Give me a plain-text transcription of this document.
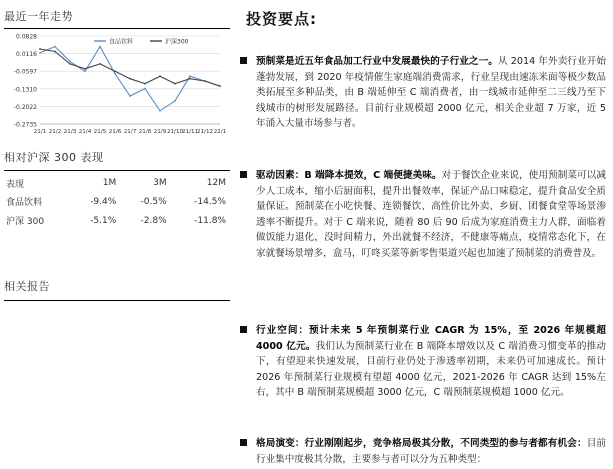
最近一年走势
0.0828
0.0116
-0.0597
-0.1310
-0.2022
-0.2735
21/1 21/2 21/3 21/4 21/5 21/6 21/7 21/8 21/9 21/10
21/11
21/12 22/1
食品饮料	沪深300
相对沪深 300 表现
表现	1M	3M	12M
食品饮料	-9.4%	-0.5%	-14.5%
沪深 300	-5.1%	-2.8%	-11.8%
相关报告
投资要点:
预制菜是近五年食品加工行业中发展最快的子行业之一。从 2014 年外卖行业开始蓬勃发展，到 2020 年疫情催生家庭端消费需求，行业呈现由速冻米面等极少数品类拓展至多种品类，由 B 端延伸至 C 端消费者，由一线城市延伸至二三线乃至下线城市的树形发展路径。目前行业规模超 2000 亿元，相关企业超 7 万家，近 5 年涌入大量市场参与者。
驱动因素：B 端降本提效，C 端便捷美味。对于餐饮企业来说，使用预制菜可以减少人工成本，缩小后厨面积，提升出餐效率，保证产品口味稳定，提升食品安全质量保证。预制菜在小吃快餐、连锁餐饮、高性价比外卖、乡厨、团餐食堂等场景渗透率不断提升。对于 C 端来说，随着 80 后 90 后成为家庭消费主力人群，面临着做饭能力退化，没时间精力，外出就餐不经济，不健康等痛点，疫情常态化下，在家就餐场景增多，盒马，叮咚买菜等新零售渠道兴起也加速了预制菜的消费普及。
行业空间：预计未来 5 年预制菜行业 CAGR 为 15%，至 2026 年规模超 4000 亿元。我们认为预制菜行业在 B 端降本增效以及 C 端消费习惯变革的推动下，有望迎来快速发展，目前行业仍处于渗透率初期，未来仍可加速成长。预计 2026 年预制菜行业规模有望超 4000 亿元，2021-2026 年 CAGR 达到 15%左右，其中 B 端预制菜规模超 3000 亿元，C 端预制菜规模超 1000 亿元。
格局演变：行业刚刚起步，竞争格局极其分散，不同类型的参与者都有机会：目前行业集中度极其分散，主要参与者可以分为五种类型：
